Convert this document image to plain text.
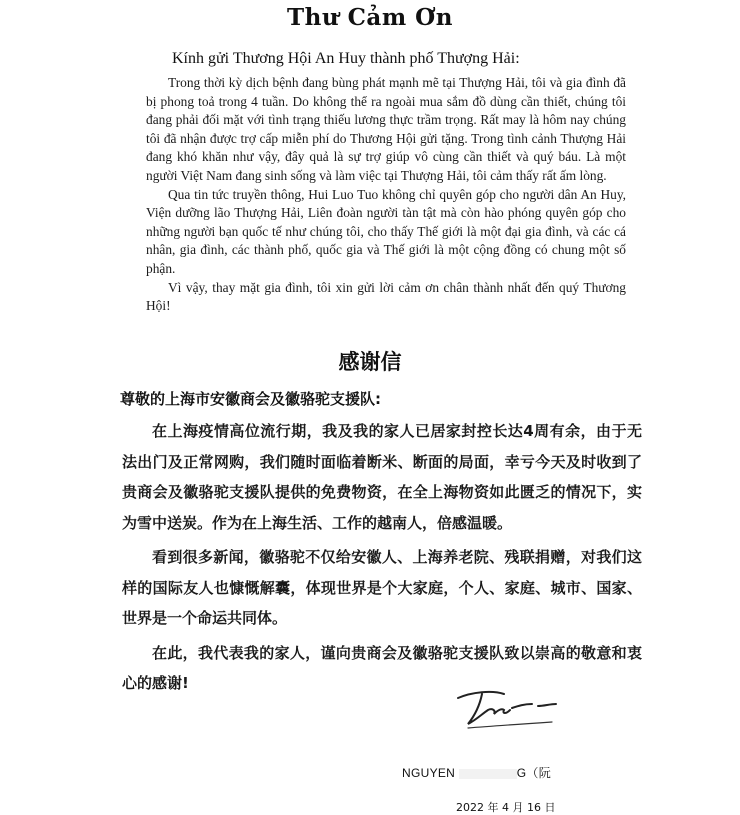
Thư Cảm Ơn
Kính gửi Thương Hội An Huy thành phố Thượng Hải:

Trong thời kỳ dịch bệnh đang bùng phát mạnh mẽ tại Thượng Hải, tôi và gia đình đã bị phong toả trong 4 tuần. Do không thể ra ngoài mua sắm đồ dùng cần thiết, chúng tôi đang phải đối mặt với tình trạng thiếu lương thực trầm trọng. Rất may là hôm nay chúng tôi đã nhận được trợ cấp miễn phí do Thương Hội gửi tặng. Trong tình cảnh Thượng Hải đang khó khăn như vậy, đây quả là sự trợ giúp vô cùng cần thiết và quý báu. Là một người Việt Nam đang sinh sống và làm việc tại Thượng Hải, tôi cảm thấy rất ấm lòng.

Qua tin tức truyền thông, Hui Luo Tuo không chỉ quyên góp cho người dân An Huy, Viện dưỡng lão Thượng Hải, Liên đoàn người tàn tật mà còn hào phóng quyên góp cho những người bạn quốc tế như chúng tôi, cho thấy Thế giới là một đại gia đình, và các cá nhân, gia đình, các thành phố, quốc gia và Thế giới là một cộng đồng có chung một số phận.

Vì vậy, thay mặt gia đình, tôi xin gửi lời cảm ơn chân thành nhất đến quý Thương Hội!

感谢信
尊敬的上海市安徽商会及徽骆驼支援队:

在上海疫情高位流行期，我及我的家人已居家封控长达4周有余，由于无法出门及正常网购，我们随时面临着断米、断面的局面，幸亏今天及时收到了贵商会及徽骆驼支援队提供的免费物资，在全上海物资如此匮乏的情况下，实为雪中送炭。作为在上海生活、工作的越南人，倍感温暖。

看到很多新闻，徽骆驼不仅给安徽人、上海养老院、残联捐赠，对我们这样的国际友人也慷慨解囊，体现世界是个大家庭，个人、家庭、城市、国家、世界是一个命运共同体。

在此，我代表我的家人，谨向贵商会及徽骆驼支援队致以崇高的敬意和衷心的感谢!

NGUYEN	G（阮
2022 年 4 月 16 日
